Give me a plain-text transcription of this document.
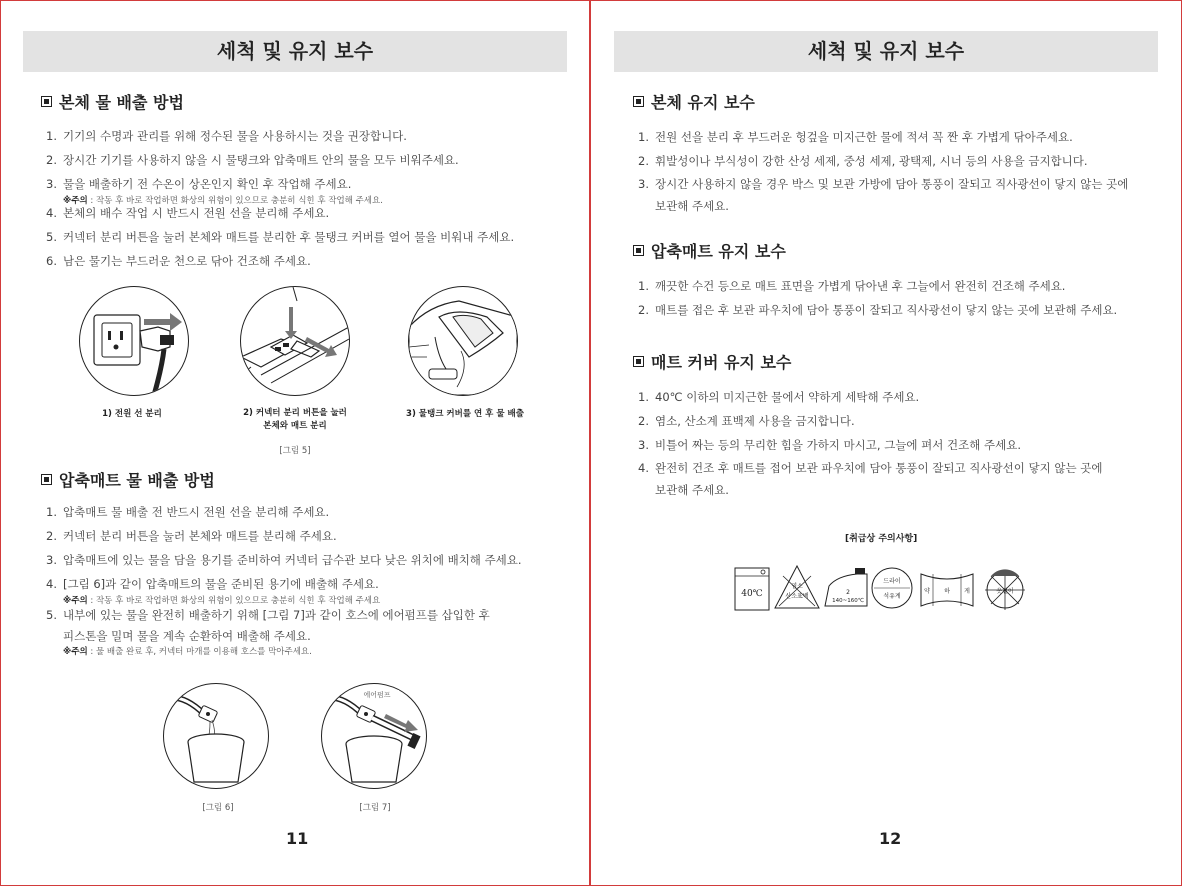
세척 및 유지 보수
본체 물 배출 방법
1. 기기의 수명과 관리를 위해 정수된 물을 사용하시는 것을 권장합니다.
2. 장시간 기기를 사용하지 않을 시 물탱크와 압축매트 안의 물을 모두 비워주세요.
3. 물을 배출하기 전 수온이 상온인지 확인 후 작업해 주세요.
※주의 : 작동 후 바로 작업하면 화상의 위험이 있으므로 충분히 식힌 후 작업해 주세요.
4. 본체의 배수 작업 시 반드시 전원 선을 분리해 주세요.
5. 커넥터 분리 버튼을 눌러 본체와 매트를 분리한 후 물탱크 커버를 열어 물을 비워내 주세요.
6. 남은 물기는 부드러운 천으로 닦아 건조해 주세요.
1) 전원 선 분리	2) 커넥터 분리 버튼을 눌러
본체와 매트 분리
3) 물탱크 커버를 연 후 물 배출
[그림 5]
압축매트 물 배출 방법
1. 압축매트 물 배출 전 반드시 전원 선을 분리해 주세요.
2. 커넥터 분리 버튼을 눌러 본체와 매트를 분리해 주세요.
3. 압축매트에 있는 물을 담을 용기를 준비하여 커넥터 급수관 보다 낮은 위치에 배치해 주세요.
4. [그림 6]과 같이 압축매트의 물을 준비된 용기에 배출해 주세요.
※주의 : 작동 후 바로 작업하면 화상의 위험이 있으므로 충분히 식힌 후 작업해 주세요
5. 내부에 있는 물을 완전히 배출하기 위해 [그림 7]과 같이 호스에 에어펌프를 삽입한 후
피스톤을 밀며 물을 계속 순환하여 배출해 주세요.
※주의 : 물 배출 완료 후, 커넥터 마개를 이용해 호스를 막아주세요.
에어펌프
[그림 6]	[그림 7]
11
세척 및 유지 보수
본체 유지 보수
1. 전원 선을 분리 후 부드러운 헝겊을 미지근한 물에 적셔 꼭 짠 후 가볍게 닦아주세요.
2. 휘발성이나 부식성이 강한 산성 세제, 중성 세제, 광택제, 시너 등의 사용을 금지합니다.
3. 장시간 사용하지 않을 경우 박스 및 보관 가방에 담아 통풍이 잘되고 직사광선이 닿지 않는 곳에
보관해 주세요.
압축매트 유지 보수
1. 깨끗한 수건 등으로 매트 표면을 가볍게 닦아낸 후 그늘에서 완전히 건조해 주세요.
2. 매트를 접은 후 보관 파우치에 담아 통풍이 잘되고 직사광선이 닿지 않는 곳에 보관해 주세요.
매트 커버 유지 보수
1. 40℃ 이하의 미지근한 물에서 약하게 세탁해 주세요.
2. 염소, 산소계 표백제 사용을 금지합니다.
3. 비틀어 짜는 등의 무리한 힘을 가하지 마시고, 그늘에 펴서 건조해 주세요.
4. 완전히 건조 후 매트를 접어 보관 파우치에 담아 통풍이 잘되고 직사광선이 닿지 않는 곳에
보관해 주세요.
[취급상 주의사항]
40℃
염소
산소표백
2
140~160℃
드라이
석유계
약 하 게	옷걸이
12
